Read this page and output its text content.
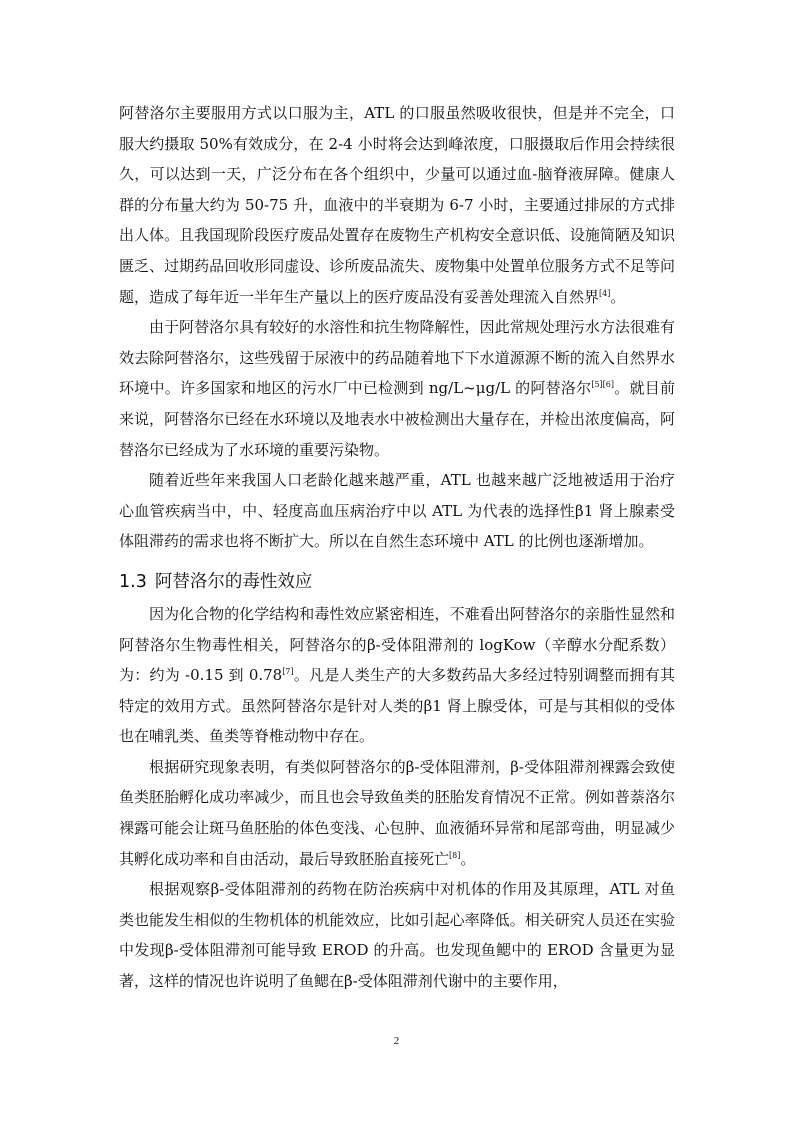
阿替洛尔主要服用方式以口服为主，ATL 的口服虽然吸收很快，但是并不完全，口服大约摄取 50%有效成分，在 2-4 小时将会达到峰浓度，口服摄取后作用会持续很久，可以达到一天，广泛分布在各个组织中，少量可以通过血-脑脊液屏障。健康人群的分布量大约为 50-75 升，血液中的半衰期为 6-7 小时，主要通过排尿的方式排出人体。且我国现阶段医疗废品处置存在废物生产机构安全意识低、设施简陋及知识匮乏、过期药品回收形同虚设、诊所废品流失、废物集中处置单位服务方式不足等问题，造成了每年近一半年生产量以上的医疗废品没有妥善处理流入自然界[4]。

由于阿替洛尔具有较好的水溶性和抗生物降解性，因此常规处理污水方法很难有效去除阿替洛尔，这些残留于尿液中的药品随着地下下水道源源不断的流入自然界水环境中。许多国家和地区的污水厂中已检测到 ng/L~μg/L 的阿替洛尔[5][6]。就目前来说，阿替洛尔已经在水环境以及地表水中被检测出大量存在，并检出浓度偏高，阿替洛尔已经成为了水环境的重要污染物。

随着近些年来我国人口老龄化越来越严重，ATL 也越来越广泛地被适用于治疗心血管疾病当中，中、轻度高血压病治疗中以 ATL 为代表的选择性β1 肾上腺素受体阻滞药的需求也将不断扩大。所以在自然生态环境中 ATL 的比例也逐渐增加。

1.3 阿替洛尔的毒性效应

因为化合物的化学结构和毒性效应紧密相连，不难看出阿替洛尔的亲脂性显然和阿替洛尔生物毒性相关，阿替洛尔的β-受体阻滞剂的 logKow（辛醇水分配系数）为：约为 -0.15 到 0.78[7]。凡是人类生产的大多数药品大多经过特别调整而拥有其特定的效用方式。虽然阿替洛尔是针对人类的β1 肾上腺受体，可是与其相似的受体也在哺乳类、鱼类等脊椎动物中存在。

根据研究现象表明，有类似阿替洛尔的β-受体阻滞剂，β-受体阻滞剂裸露会致使鱼类胚胎孵化成功率减少，而且也会导致鱼类的胚胎发育情况不正常。例如普萘洛尔裸露可能会让斑马鱼胚胎的体色变浅、心包肿、血液循环异常和尾部弯曲，明显减少其孵化成功率和自由活动，最后导致胚胎直接死亡[8]。

根据观察β-受体阻滞剂的药物在防治疾病中对机体的作用及其原理，ATL 对鱼类也能发生相似的生物机体的机能效应，比如引起心率降低。相关研究人员还在实验中发现β-受体阻滞剂可能导致 EROD 的升高。也发现鱼鳃中的 EROD 含量更为显著，这样的情况也许说明了鱼鳃在β-受体阻滞剂代谢中的主要作用，

2
